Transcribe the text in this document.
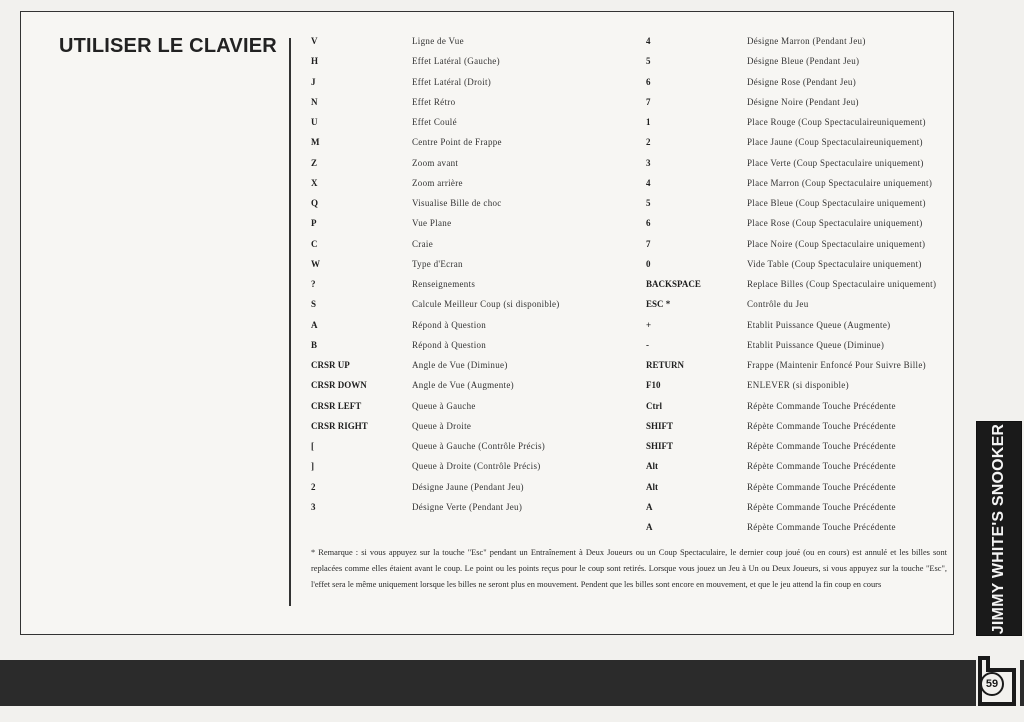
UTILISER LE CLAVIER	V
H
J
N
U
M
Z
X
Q
P
C
W
?
S
A
B
CRSR UP
CRSR DOWN
CRSR LEFT
CRSR RIGHT
[
]
2
3
Ligne de Vue
Effet Latéral (Gauche)
Effet Latéral (Droit)
Effet Rétro
Effet Coulé
Centre Point de Frappe
Zoom avant
Zoom arrière
Visualise Bille de choc
Vue Plane
Craie
Type d'Ecran
Renseignements
Calcule Meilleur Coup (si disponible)
Répond à Question
Répond à Question
Angle de Vue (Diminue)
Angle de Vue (Augmente)
Queue à Gauche
Queue à Droite
Queue à Gauche (Contrôle Précis)
Queue à Droite (Contrôle Précis)
Désigne Jaune (Pendant Jeu)
Désigne Verte (Pendant Jeu)
4
5
6
7
1
2
3
4
5
6
7
0
BACKSPACE
ESC *
+
-
RETURN
F10
Ctrl
SHIFT
SHIFT
Alt
Alt
A
A
Désigne Marron (Pendant Jeu)
Désigne Bleue (Pendant Jeu)
Désigne Rose (Pendant Jeu)
Désigne Noire (Pendant Jeu)
Place Rouge (Coup Spectaculaireuniquement)
Place Jaune (Coup Spectaculaireuniquement)
Place Verte (Coup Spectaculaire uniquement)
Place Marron (Coup Spectaculaire uniquement)
Place Bleue (Coup Spectaculaire uniquement)
Place Rose (Coup Spectaculaire uniquement)
Place Noire (Coup Spectaculaire uniquement)
Vide Table (Coup Spectaculaire uniquement)
Replace Billes (Coup Spectaculaire uniquement)
Contrôle du Jeu
Etablit Puissance Queue (Augmente)
Etablit Puissance Queue (Diminue)
Frappe (Maintenir Enfoncé Pour Suivre Bille)
ENLEVER (si disponible)
Répète Commande Touche Précédente
Répète Commande Touche Précédente
Répète Commande Touche Précédente
Répète Commande Touche Précédente
Répète Commande Touche Précédente
Répète Commande Touche Précédente
Répète Commande Touche Précédente
* Remarque : si vous appuyez sur la touche "Esc" pendant un Entraînement à Deux Joueurs ou un Coup Spectaculaire, le dernier coup joué (ou en cours) est annulé et les billes sont replacées comme elles étaient avant le coup. Le point ou les points reçus pour le coup sont retirés. Lorsque vous jouez un Jeu à Un ou Deux Joueurs, si vous appuyez sur la touche "Esc", l'effet sera le même uniquement lorsque les billes ne seront plus en mouvement. Pendent que les billes sont encore en mouvement, et que le jeu attend la fin coup en cours	JIMMY WHITE'S SNOOKER
59
